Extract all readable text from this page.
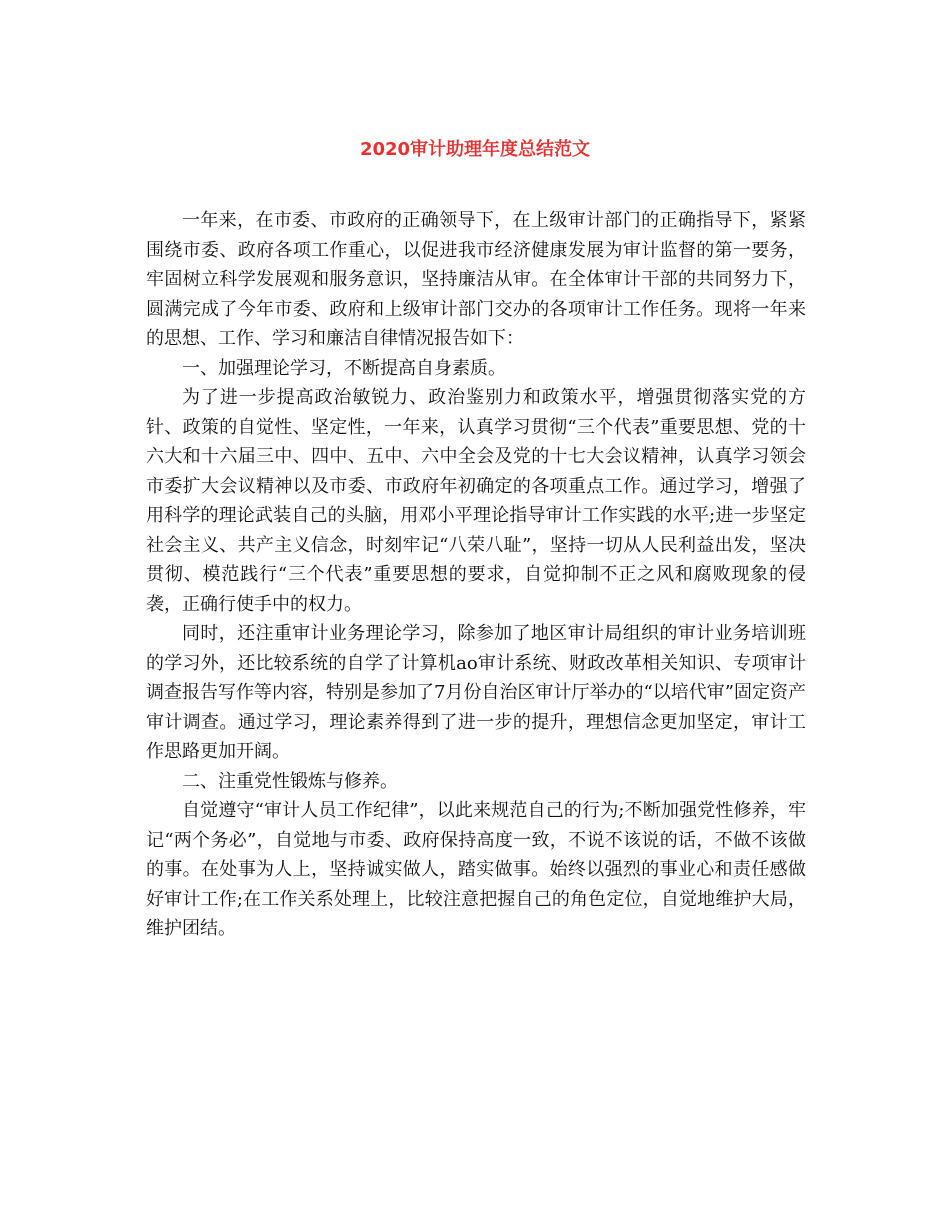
2020审计助理年度总结范文

一年来，在市委、市政府的正确领导下，在上级审计部门的正确指导下，紧紧围绕市委、政府各项工作重心，以促进我市经济健康发展为审计监督的第一要务，牢固树立科学发展观和服务意识，坚持廉洁从审。在全体审计干部的共同努力下，圆满完成了今年市委、政府和上级审计部门交办的各项审计工作任务。现将一年来的思想、工作、学习和廉洁自律情况报告如下：

一、加强理论学习，不断提高自身素质。

为了进一步提高政治敏锐力、政治鉴别力和政策水平，增强贯彻落实党的方针、政策的自觉性、坚定性，一年来，认真学习贯彻“三个代表”重要思想、党的十六大和十六届三中、四中、五中、六中全会及党的十七大会议精神，认真学习领会市委扩大会议精神以及市委、市政府年初确定的各项重点工作。通过学习，增强了用科学的理论武装自己的头脑，用邓小平理论指导审计工作实践的水平;进一步坚定社会主义、共产主义信念，时刻牢记“八荣八耻”，坚持一切从人民利益出发，坚决贯彻、模范践行“三个代表”重要思想的要求，自觉抑制不正之风和腐败现象的侵袭，正确行使手中的权力。

同时，还注重审计业务理论学习，除参加了地区审计局组织的审计业务培训班的学习外，还比较系统的自学了计算机ao审计系统、财政改革相关知识、专项审计调查报告写作等内容，特别是参加了7月份自治区审计厅举办的“以培代审”固定资产审计调查。通过学习，理论素养得到了进一步的提升，理想信念更加坚定，审计工作思路更加开阔。

二、注重党性锻炼与修养。

自觉遵守“审计人员工作纪律”，以此来规范自己的行为;不断加强党性修养，牢记“两个务必”，自觉地与市委、政府保持高度一致，不说不该说的话，不做不该做的事。在处事为人上，坚持诚实做人，踏实做事。始终以强烈的事业心和责任感做好审计工作;在工作关系处理上，比较注意把握自己的角色定位，自觉地维护大局，维护团结。
